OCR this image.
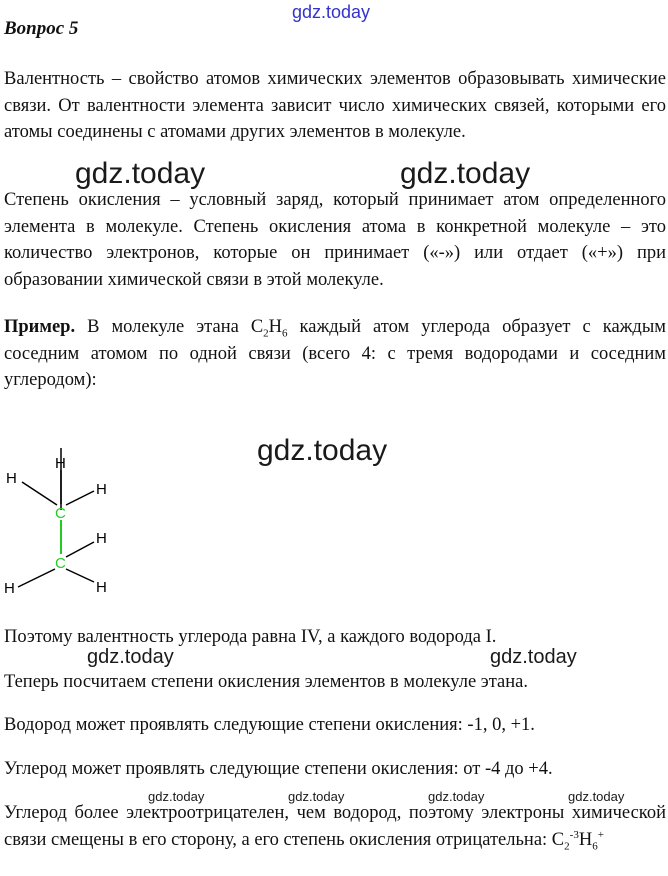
gdz.today

Вопрос 5

Валентность – свойство атомов химических элементов образовывать химические связи. От валентности элемента зависит число химических связей, которыми его атомы соединены с атомами других элементов в молекуле.

gdz.today	gdz.today

Степень окисления – условный заряд, который принимает атом определенного элемента в молекуле. Степень окисления атома в конкретной молекуле – это количество электронов, которые он принимает («-») или отдает («+») при образовании химической связи в этой молекуле.

Пример. В молекуле этана $C_2H_6$ каждый атом углерода образует с каждым соседним атомом по одной связи (всего 4: с тремя водородами и соседним углеродом):

gdz.today
H
H
H
C
H
C
H
H

Поэтому валентность углерода равна IV, а каждого водорода I.

gdz.today	gdz.today

Теперь посчитаем степени окисления элементов в молекуле этана.

Водород может проявлять следующие степени окисления: -1, 0, +1.

Углерод может проявлять следующие степени окисления: от -4 до +4.

gdz.today	gdz.today	gdz.today	gdz.today

Углерод более электроотрицателен, чем водород, поэтому электроны химической связи смещены в его сторону, а его степень окисления отрицательна: $C_2^{-3}H_6^+$
